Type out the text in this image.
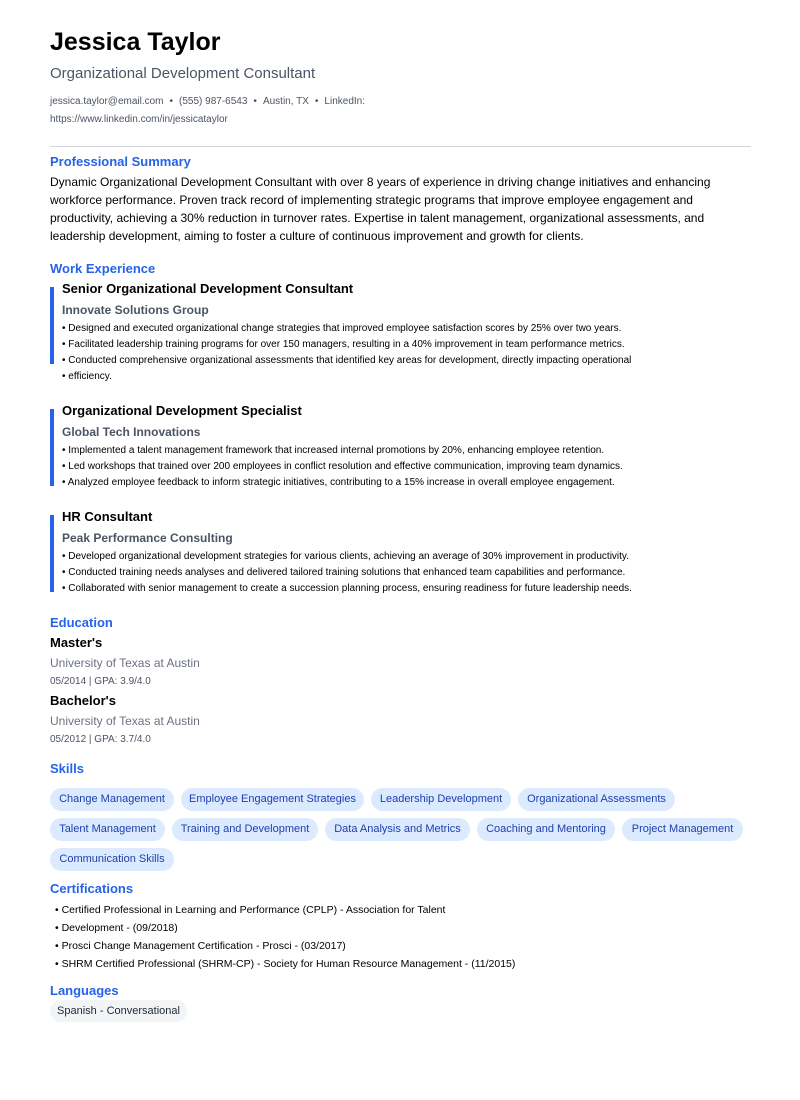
Jessica Taylor
Organizational Development Consultant
jessica.taylor@email.com • (555) 987-6543 • Austin, TX • LinkedIn:
https://www.linkedin.com/in/jessicataylor
Professional Summary
Dynamic Organizational Development Consultant with over 8 years of experience in driving change initiatives and enhancing
workforce performance. Proven track record of implementing strategic programs that improve employee engagement and
productivity, achieving a 30% reduction in turnover rates. Expertise in talent management, organizational assessments, and
leadership development, aiming to foster a culture of continuous improvement and growth for clients.
Work Experience
Senior Organizational Development Consultant
Innovate Solutions Group
• Designed and executed organizational change strategies that improved employee satisfaction scores by 25% over two years.
• Facilitated leadership training programs for over 150 managers, resulting in a 40% improvement in team performance metrics.
• Conducted comprehensive organizational assessments that identified key areas for development, directly impacting operational
• efficiency.
Organizational Development Specialist
Global Tech Innovations
• Implemented a talent management framework that increased internal promotions by 20%, enhancing employee retention.
• Led workshops that trained over 200 employees in conflict resolution and effective communication, improving team dynamics.
• Analyzed employee feedback to inform strategic initiatives, contributing to a 15% increase in overall employee engagement.
HR Consultant
Peak Performance Consulting
• Developed organizational development strategies for various clients, achieving an average of 30% improvement in productivity.
• Conducted training needs analyses and delivered tailored training solutions that enhanced team capabilities and performance.
• Collaborated with senior management to create a succession planning process, ensuring readiness for future leadership needs.
Education
Master's
University of Texas at Austin
05/2014 | GPA: 3.9/4.0
Bachelor's
University of Texas at Austin
05/2012 | GPA: 3.7/4.0
Skills
Change Management	Employee Engagement Strategies	Leadership Development	Organizational Assessments
Talent Management	Training and Development	Data Analysis and Metrics	Coaching and Mentoring	Project Management
Communication Skills
Certifications
• Certified Professional in Learning and Performance (CPLP) - Association for Talent
• Development - (09/2018)
• Prosci Change Management Certification - Prosci - (03/2017)
• SHRM Certified Professional (SHRM-CP) - Society for Human Resource Management - (11/2015)
Languages
Spanish - Conversational
